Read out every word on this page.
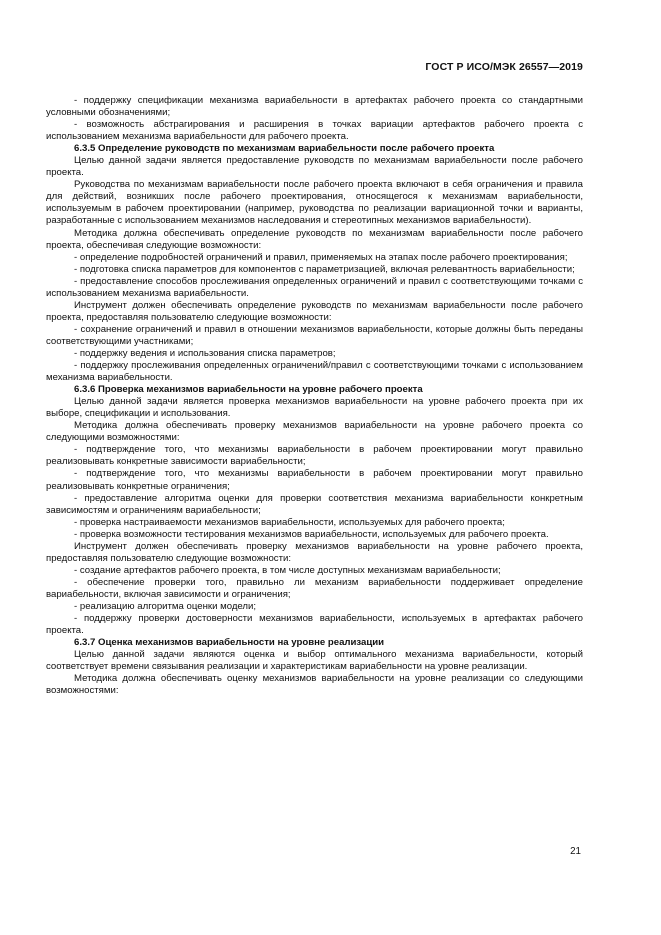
ГОСТ Р ИСО/МЭК 26557—2019

- поддержку спецификации механизма вариабельности в артефактах рабочего проекта со стандартными условными обозначениями;

- возможность абстрагирования и расширения в точках вариации артефактов рабочего проекта с использованием механизма вариабельности для рабочего проекта.

6.3.5 Определение руководств по механизмам вариабельности после рабочего проекта

Целью данной задачи является предоставление руководств по механизмам вариабельности после рабочего проекта.

Руководства по механизмам вариабельности после рабочего проекта включают в себя ограничения и правила для действий, возникших после рабочего проектирования, относящегося к механизмам вариабельности, используемым в рабочем проектировании (например, руководства по реализации вариационной точки и варианты, разработанные с использованием механизмов наследования и стереотипных механизмов вариабельности).

Методика должна обеспечивать определение руководств по механизмам вариабельности после рабочего проекта, обеспечивая следующие возможности:

- определение подробностей ограничений и правил, применяемых на этапах после рабочего проектирования;

- подготовка списка параметров для компонентов с параметризацией, включая релевантность вариабельности;

- предоставление способов прослеживания определенных ограничений и правил с соответствующими точками с использованием механизма вариабельности.

Инструмент должен обеспечивать определение руководств по механизмам вариабельности после рабочего проекта, предоставляя пользователю следующие возможности:

- сохранение ограничений и правил в отношении механизмов вариабельности, которые должны быть переданы соответствующими участниками;

- поддержку ведения и использования списка параметров;

- поддержку прослеживания определенных ограничений/правил с соответствующими точками с использованием механизма вариабельности.

6.3.6 Проверка механизмов вариабельности на уровне рабочего проекта

Целью данной задачи является проверка механизмов вариабельности на уровне рабочего проекта при их выборе, спецификации и использования.

Методика должна обеспечивать проверку механизмов вариабельности на уровне рабочего проекта со следующими возможностями:

- подтверждение того, что механизмы вариабельности в рабочем проектировании могут правильно реализовывать конкретные зависимости вариабельности;

- подтверждение того, что механизмы вариабельности в рабочем проектировании могут правильно реализовывать конкретные ограничения;

- предоставление алгоритма оценки для проверки соответствия механизма вариабельности конкретным зависимостям и ограничениям вариабельности;

- проверка настраиваемости механизмов вариабельности, используемых для рабочего проекта;

- проверка возможности тестирования механизмов вариабельности, используемых для рабочего проекта.

Инструмент должен обеспечивать проверку механизмов вариабельности на уровне рабочего проекта, предоставляя пользователю следующие возможности:

- создание артефактов рабочего проекта, в том числе доступных механизмам вариабельности;

- обеспечение проверки того, правильно ли механизм вариабельности поддерживает определение вариабельности, включая зависимости и ограничения;

- реализацию алгоритма оценки модели;

- поддержку проверки достоверности механизмов вариабельности, используемых в артефактах рабочего проекта.

6.3.7 Оценка механизмов вариабельности на уровне реализации

Целью данной задачи являются оценка и выбор оптимального механизма вариабельности, который соответствует времени связывания реализации и характеристикам вариабельности на уровне реализации.

Методика должна обеспечивать оценку механизмов вариабельности на уровне реализации со следующими возможностями:

21
